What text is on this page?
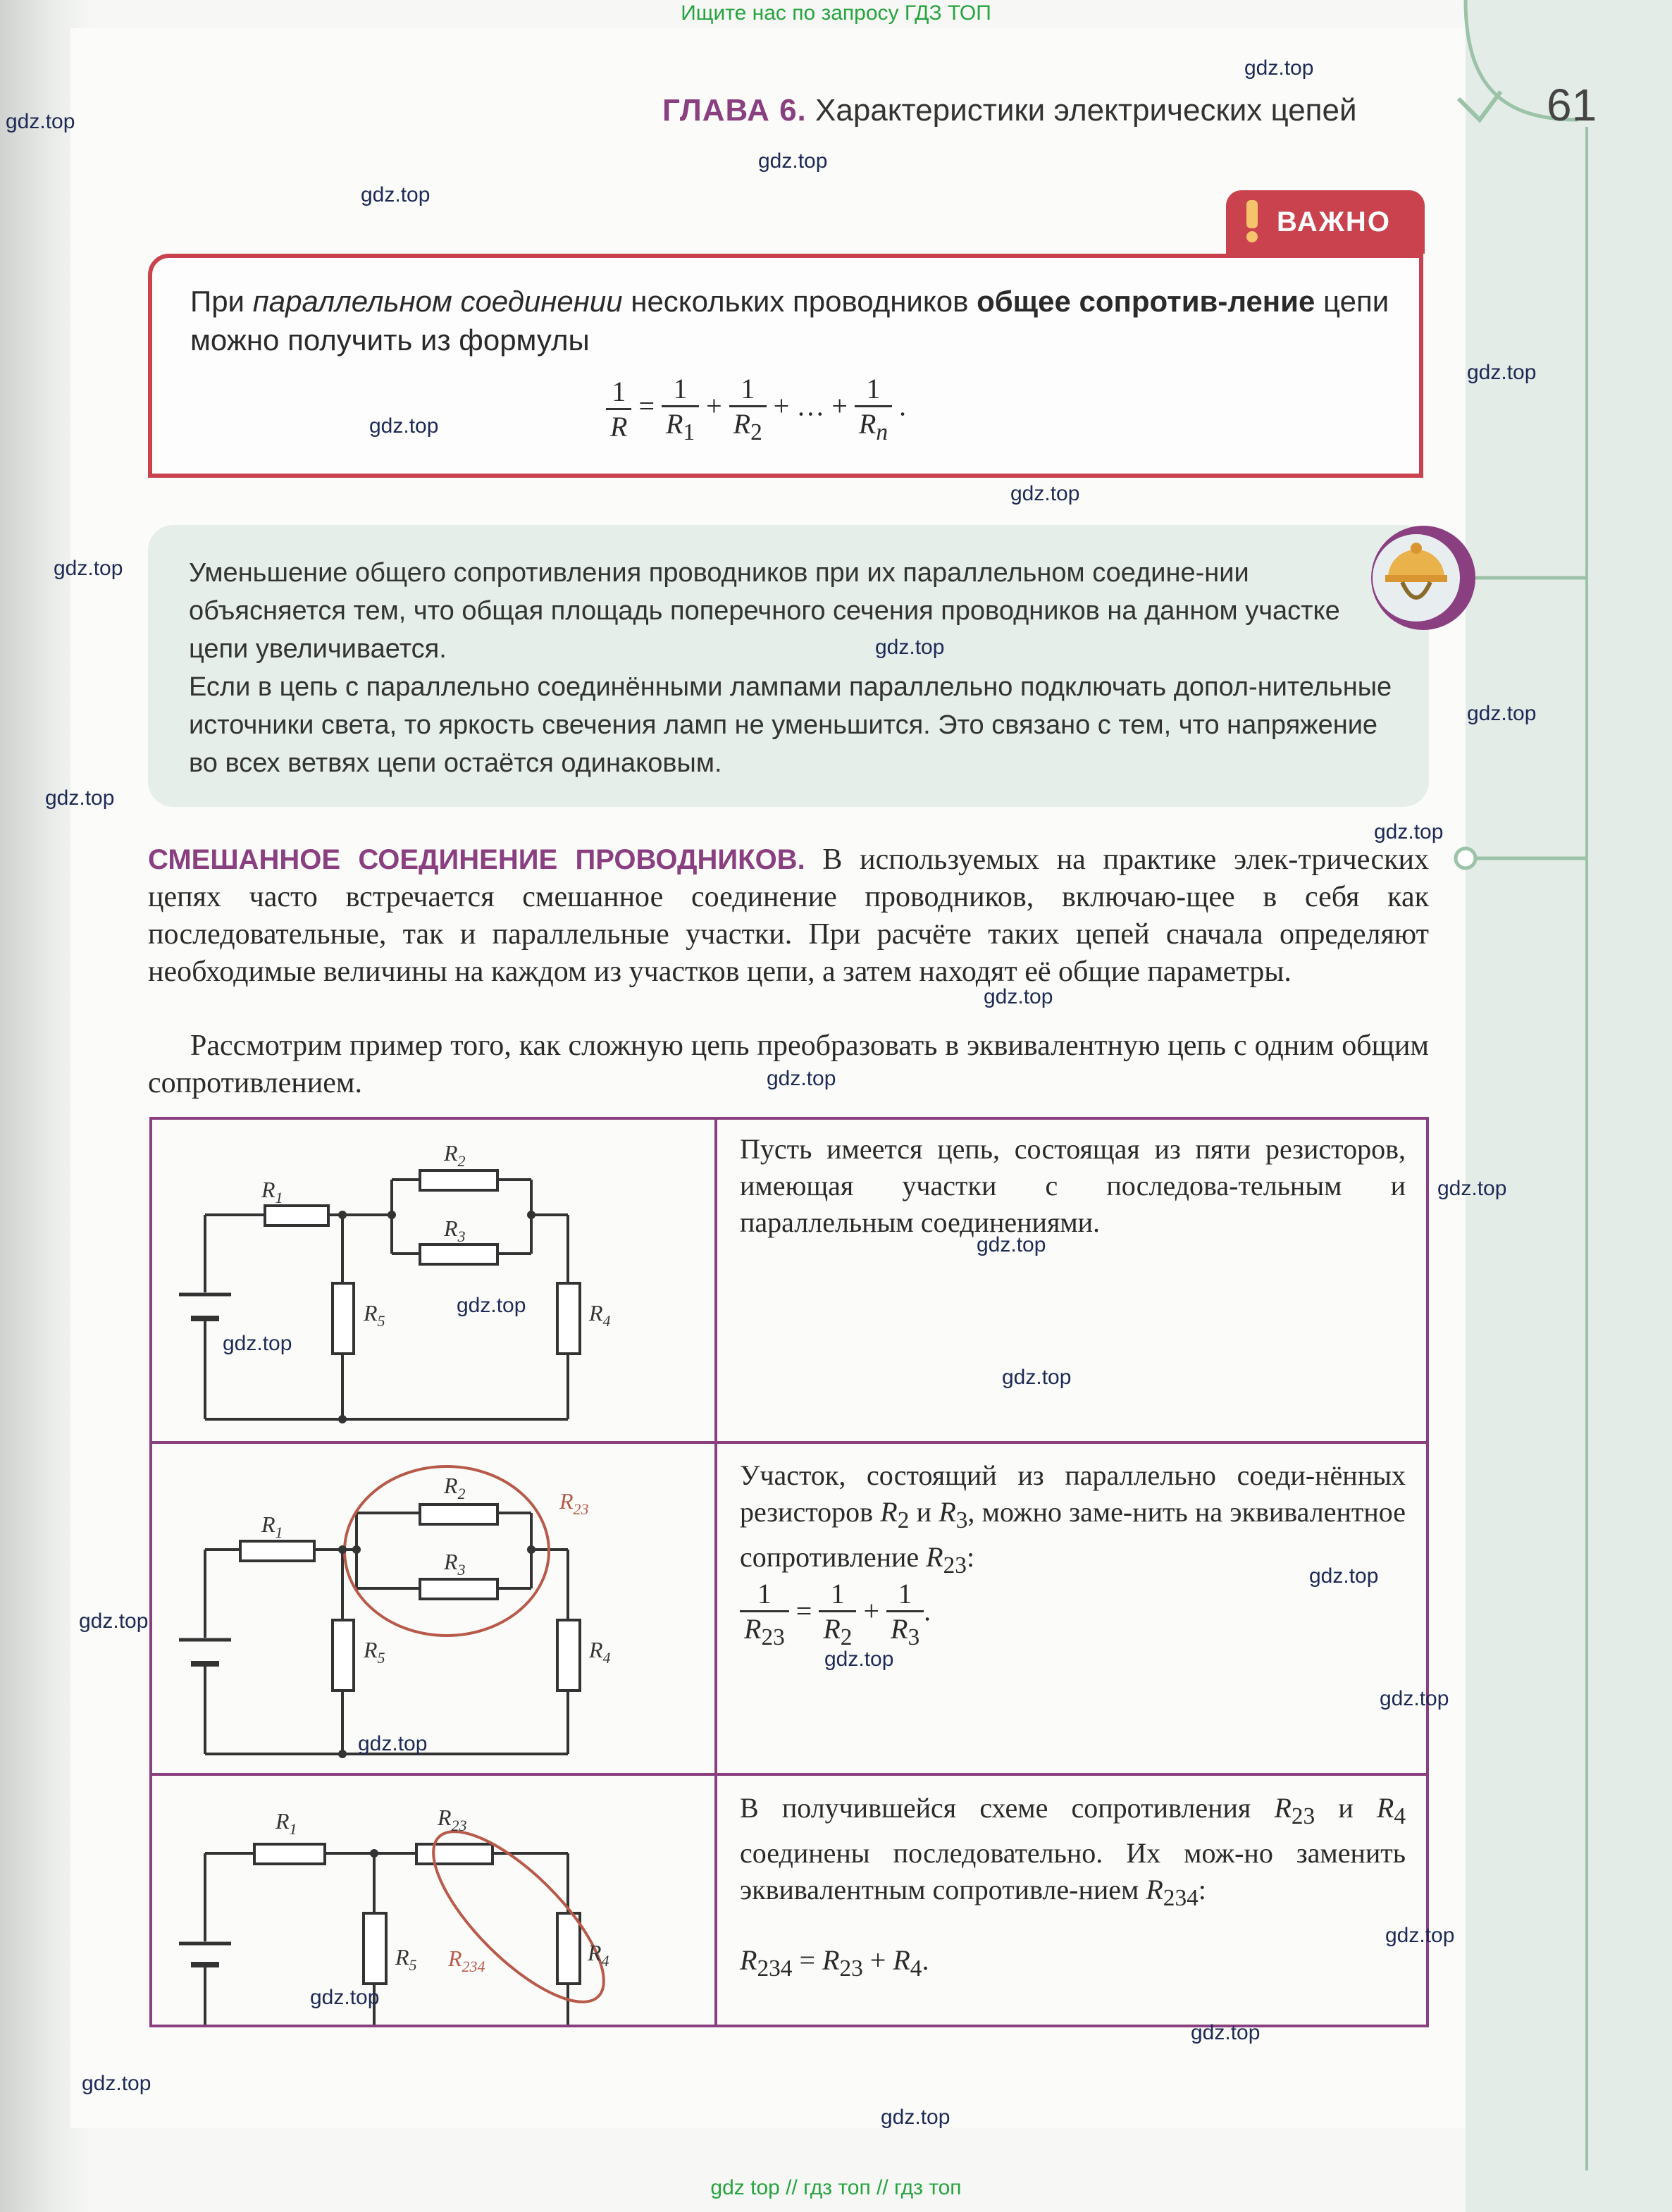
Ищите нас по запросу ГДЗ ТОП
gdz top // гдз топ // гдз топ
ГЛАВА 6. Характеристики электрических цепей	61
ВАЖНО
При параллельном соединении нескольких проводников общее сопротив-ление цепи можно получить из формулы
$\frac{1}{R} = \frac{1}{R_1} + \frac{1}{R_2}$ + … + $\frac{1}{R_n}$ .
Уменьшение общего сопротивления проводников при их параллельном соедине-нии объясняется тем, что общая площадь поперечного сечения проводников на данном участке цепи увеличивается.
Если в цепь с параллельно соединёнными лампами параллельно подключать допол-нительные источники света, то яркость свечения ламп не уменьшится. Это связано с тем, что напряжение во всех ветвях цепи остаётся одинаковым.
СМЕШАННОЕ СОЕДИНЕНИЕ ПРОВОДНИКОВ. В используемых на практике элек-трических цепях часто встречается смешанное соединение проводников, включаю-щее в себя как последовательные, так и параллельные участки. При расчёте таких цепей сначала определяют необходимые величины на каждом из участков цепи, а затем находят её общие параметры.
Рассмотрим пример того, как сложную цепь преобразовать в эквивалентную цепь с одним общим сопротивлением.
Пусть имеется цепь, состоящая из пяти резисторов, имеющая участки с последова-тельным и параллельным соединениями.
Участок, состоящий из параллельно соеди-нённых резисторов $R_2$ и $R_3$, можно заме-нить на эквивалентное сопротивление $R_{23}$:
$\frac{1}{R_{23}} = \frac{1}{R_2} + \frac{1}{R_3}$ .
В получившейся схеме сопротивления $R_{23}$ и $R_4$ соединены последовательно. Их мож-но заменить эквивалентным сопротивле-нием $R_{234}$:
$R_{234} = R_{23} + R_4$.
$R_1$
$R_2$
$R_3$
$R_5$	$R_4$
$R_1$
$R_2$
$R_3$
$R_5$	$R_4$
$R_{23}$
$R_1$	$R_{23}$
$R_5$	$R_4$
$R_{234}$
gdz.top
gdz.top
gdz.top
gdz.top
gdz.top
gdz.top
gdz.top
gdz.top
gdz.top
gdz.top
gdz.top
gdz.top
gdz.top
gdz.top
gdz.top
gdz.top
gdz.top
gdz.top
gdz.top
gdz.top
gdz.top
gdz.top
gdz.top
gdz.top
gdz.top
gdz.top
gdz.top
gdz.top
gdz.top
